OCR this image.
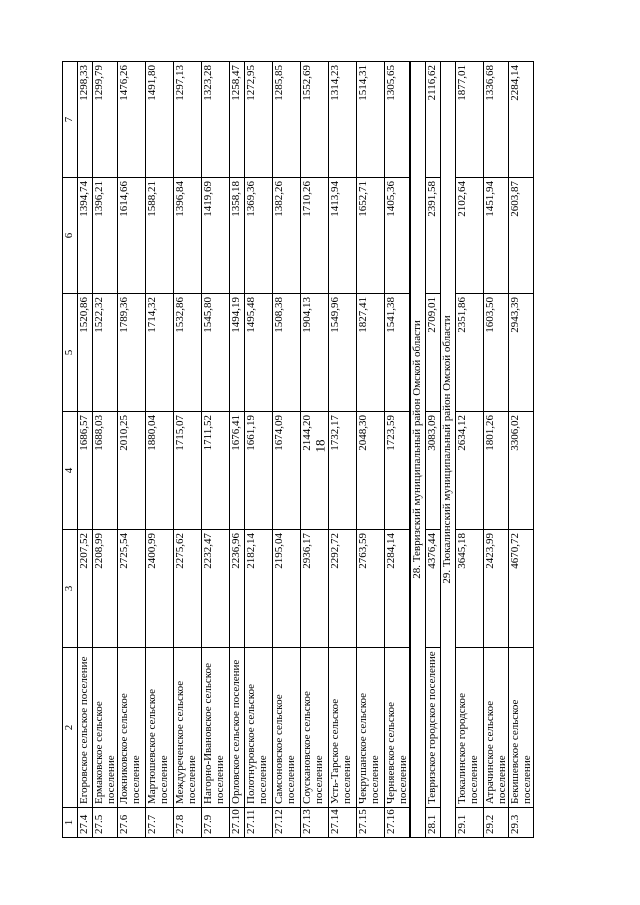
18
1	2	3	4	5	6	7
27.4	Егоровское сельское поселение	2207,52	1686,57	1520,86	1394,74	1298,33
27.5	Ермаковское сельское поселение	2208,99	1688,03	1522,32	1396,21	1299,79
27.6	Ложниковское сельское поселение	2725,54	2010,25	1789,36	1614,66	1476,26
27.7	Мартюшевское сельское поселение	2400,99	1880,04	1714,32	1588,21	1491,80
27.8	Междуреченское сельское поселение	2275,62	1715,07	1532,86	1396,84	1297,13
27.9	Нагорно-Ивановское сельское поселение	2232,47	1711,52	1545,80	1419,69	1323,28
27.10	Орловское сельское поселение	2236,96	1676,41	1494,19	1358,18	1258,47
27.11	Полотнуровское сельское поселение	2182,14	1661,19	1495,48	1369,36	1272,95
27.12	Самсоновское сельское поселение	2195,04	1674,09	1508,38	1382,26	1285,85
27.13	Соускановское сельское поселение	2936,17	2144,20	1904,13	1710,26	1552,69
27.14	Усть-Тарское сельское поселение	2292,72	1732,17	1549,96	1413,94	1314,23
27.15	Чекрушанское сельское поселение	2763,59	2048,30	1827,41	1652,71	1514,31
27.16	Черняевское сельское поселение	2284,14	1723,59	1541,38	1405,36	1305,65
28. Тевризский муниципальный район Омской области						
28.1	Тевризское городское поселение	4376,44	3083,09	2709,01	2391,58	2116,62
29. Тюкалинский муниципальный район Омской области						
29.1	Тюкалинское городское поселение	3645,18	2634,12	2351,86	2102,64	1877,01
29.2	Атрачинское сельское поселение	2423,99	1801,26	1603,50	1451,94	1336,68
29.3	Бекишевское сельское поселение	4670,72	3306,02	2943,39	2603,87	2284,14
